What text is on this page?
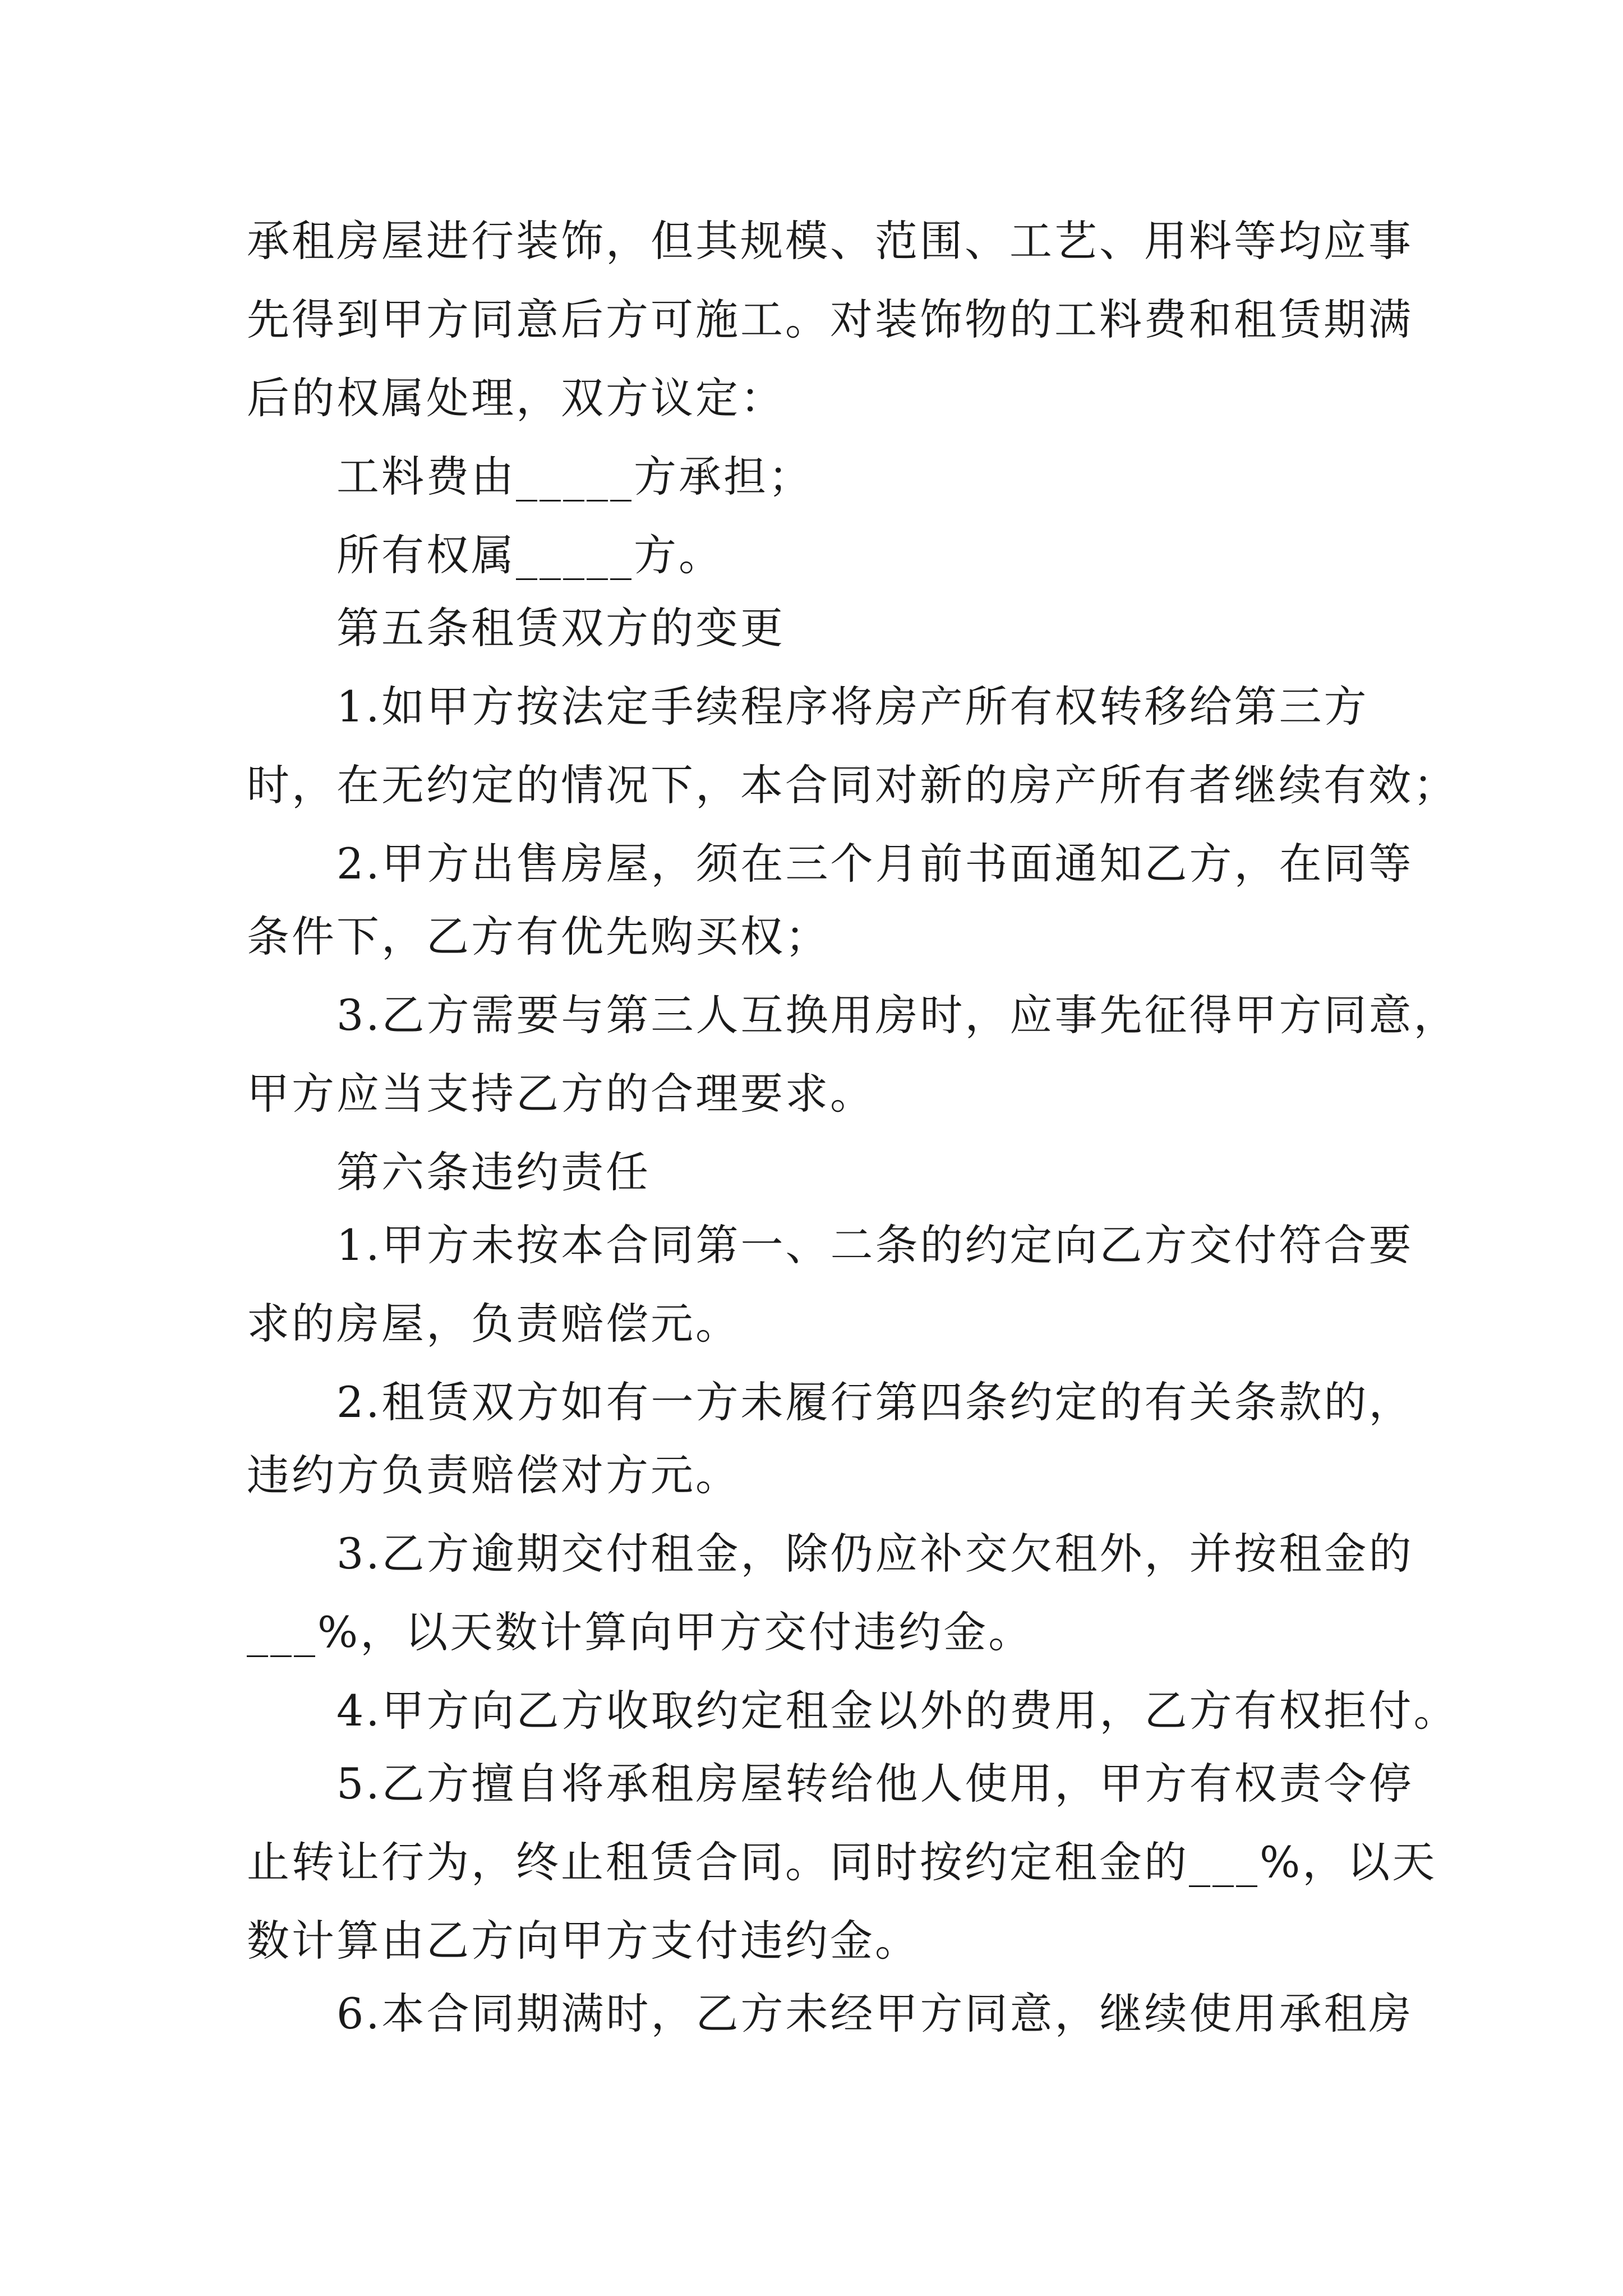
承租房屋进行装饰，但其规模、范围、工艺、用料等均应事
先得到甲方同意后方可施工。对装饰物的工料费和租赁期满
后的权属处理，双方议定：
工料费由_____方承担；
所有权属_____方。
第五条租赁双方的变更
1.如甲方按法定手续程序将房产所有权转移给第三方
时，在无约定的情况下，本合同对新的房产所有者继续有效；
2.甲方出售房屋，须在三个月前书面通知乙方，在同等
条件下，乙方有优先购买权；
3.乙方需要与第三人互换用房时，应事先征得甲方同意，
甲方应当支持乙方的合理要求。
第六条违约责任
1.甲方未按本合同第一、二条的约定向乙方交付符合要
求的房屋，负责赔偿元。
2.租赁双方如有一方未履行第四条约定的有关条款的，
违约方负责赔偿对方元。
3.乙方逾期交付租金，除仍应补交欠租外，并按租金的
___%，以天数计算向甲方交付违约金。
4.甲方向乙方收取约定租金以外的费用，乙方有权拒付。
5.乙方擅自将承租房屋转给他人使用，甲方有权责令停
止转让行为，终止租赁合同。同时按约定租金的___%，以天
数计算由乙方向甲方支付违约金。
6.本合同期满时，乙方未经甲方同意，继续使用承租房
